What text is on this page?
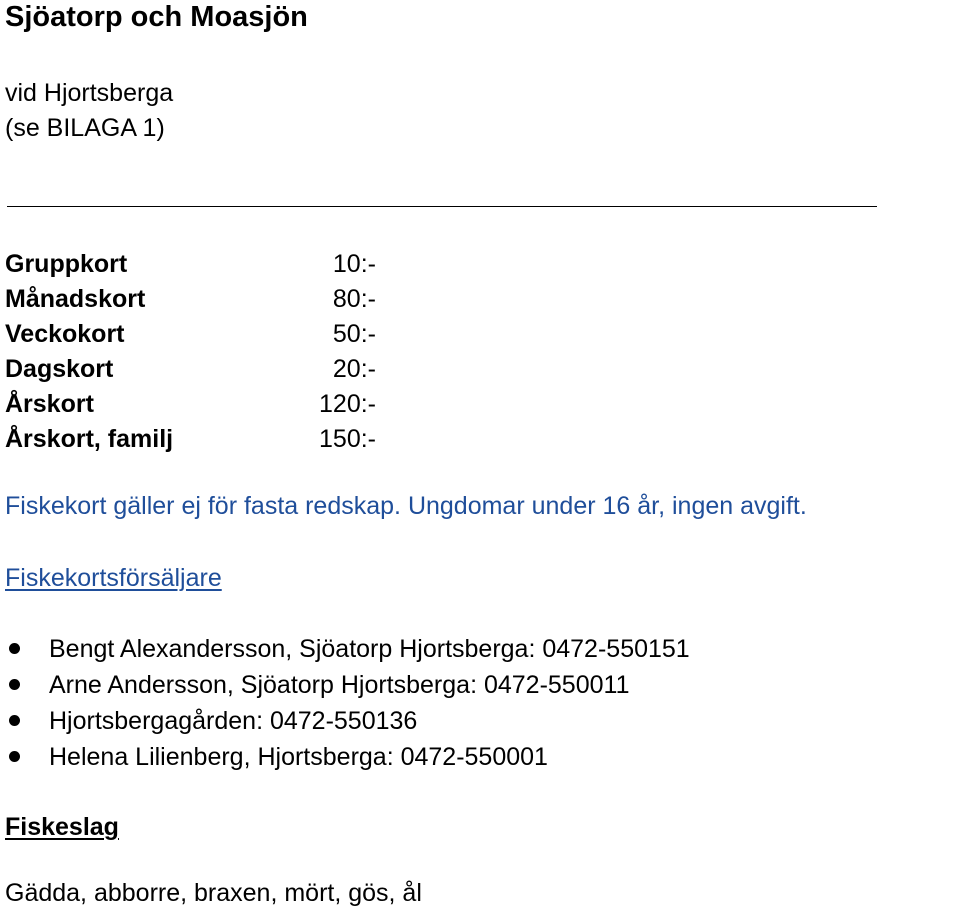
Sjöatorp och Moasjön
vid Hjortsberga
(se BILAGA 1)
Gruppkort	10:-
Månadskort	80:-
Veckokort	50:-
Dagskort	20:-
Årskort	120:-
Årskort, familj	150:-
Fiskekort gäller ej för fasta redskap. Ungdomar under 16 år, ingen avgift.
Fiskekortsförsäljare
Bengt Alexandersson, Sjöatorp Hjortsberga: 0472-550151
Arne Andersson, Sjöatorp Hjortsberga: 0472-550011
Hjortsbergagården: 0472-550136
Helena Lilienberg, Hjortsberga: 0472-550001
Fiskeslag
Gädda, abborre, braxen, mört, gös, ål
